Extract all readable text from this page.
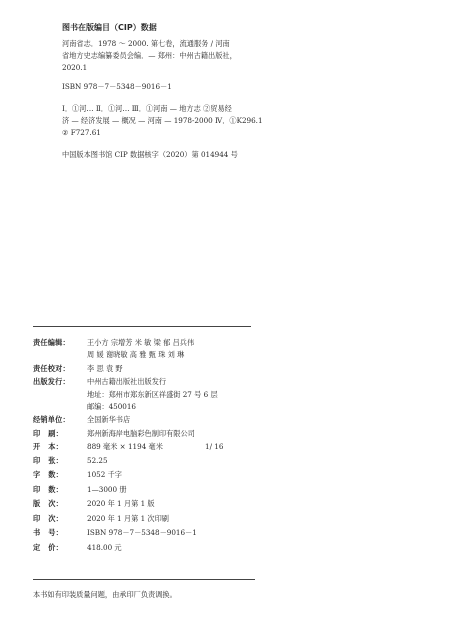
图书在版编目（CIP）数据

河南省志．1978 ～ 2000. 第七卷，流通服务 / 河南

省地方史志编纂委员会编．— 郑州：中州古籍出版社，

2020.1

ISBN 978－7－5348－9016－1

Ⅰ．①河… Ⅱ．①河… Ⅲ．①河南 — 地方志 ②贸易经

济 — 经济发展 — 概况 — 河南 — 1978-2000 Ⅳ．①K296.1

② F727.61

中国版本图书馆 CIP 数据核字（2020）第 014944 号

责任编辑： 王小方 宗增芳 米 敏 梁 郁 吕兵伟
周 媛 谢晓敏 高 雅 甄 珠 刘 琳
责任校对： 李 思 袁 野
出版发行： 中州古籍出版社出版发行
地址：郑州市郑东新区祥盛街 27 号 6 层
邮编：450016
经销单位： 全国新华书店
印 刷：	郑州新海岸电脑彩色制印有限公司
开 本：	889 毫米 × 1194 毫米	1/ 16
印 张：	52.25
字 数：	1052 千字
印 数：	1—3000 册
版 次：	2020 年 1 月第 1 版
印 次：	2020 年 1 月第 1 次印刷
书 号：	ISBN 978－7－5348－9016－1
定 价：	418.00 元
本书如有印装质量问题，由承印厂负责调换。
